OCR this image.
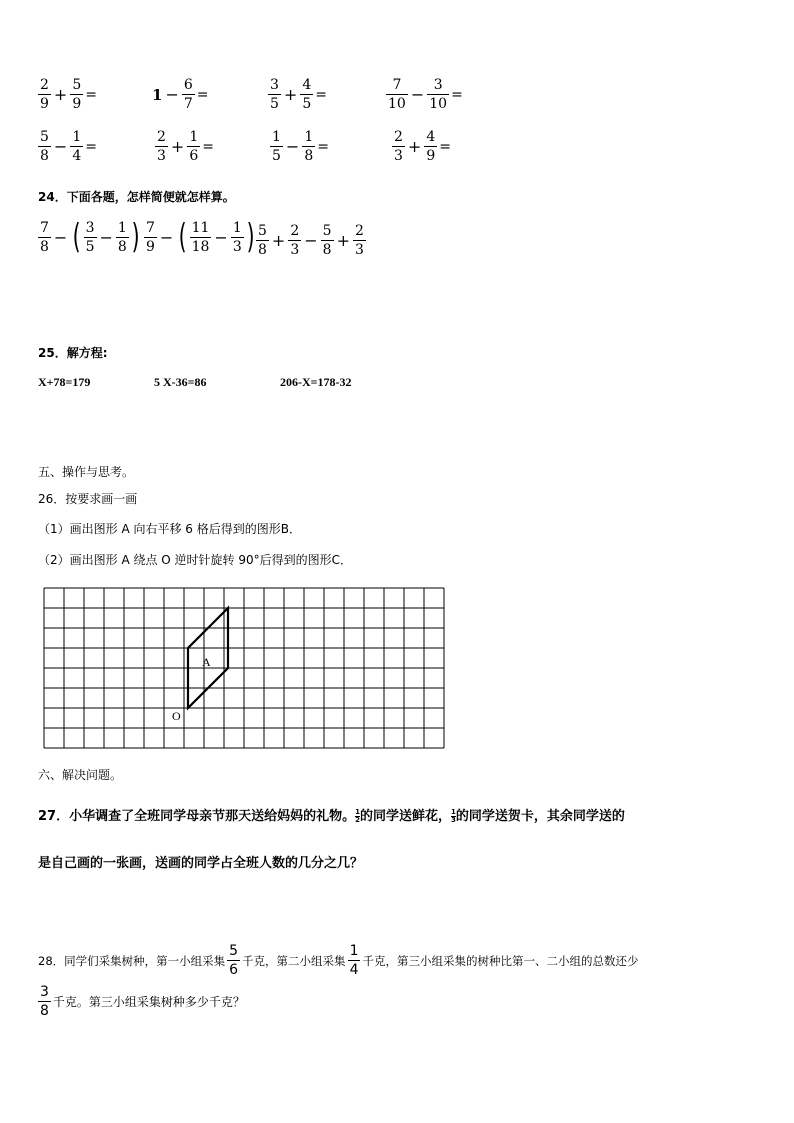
$\frac{2}{9} + \frac{5}{9}$ =	$1 - \frac{6}{7}$ =	$\frac{3}{5} + \frac{4}{5}$ =	$\frac{7}{10} - \frac{3}{10}$ =
$\frac{5}{8} - \frac{1}{4}$ =	$\frac{2}{3} + \frac{1}{6}$ =	$\frac{1}{5} - \frac{1}{8}$ =	$\frac{2}{3} + \frac{4}{9}$ =
24．下面各题，怎样简便就怎样算。
$\frac{7}{8}$ − ( $\frac{3}{5} - \frac{1}{8}$ ) $\frac{7}{9}$ − ( $\frac{11}{18} - \frac{1}{3}$ ) $\frac{5}{8} + \frac{2}{3} - \frac{5}{8} + \frac{2}{3}$
25．解方程:
X+78=179	5 X-36=86	206-X=178-32
五、操作与思考。
26．按要求画一画
（1）画出图形 A 向右平移 6 格后得到的图形B．
（2）画出图形 A 绕点 O 逆时针旋转 90°后得到的图形C．
A
O
六、解决问题。
27．小华调查了全班同学母亲节那天送给妈妈的礼物。$\frac{1}{2}$的同学送鲜花，$\frac{1}{3}$的同学送贺卡，其余同学送的
是自己画的一张画，送画的同学占全班人数的几分之几？
28．同学们采集树种，第一小组采集 $\frac{5}{6}$ 千克，第二小组采集 $\frac{1}{4}$ 千克，第三小组采集的树种比第一、二小组的总数还少
$\frac{3}{8}$ 千克。第三小组采集树种多少千克？
